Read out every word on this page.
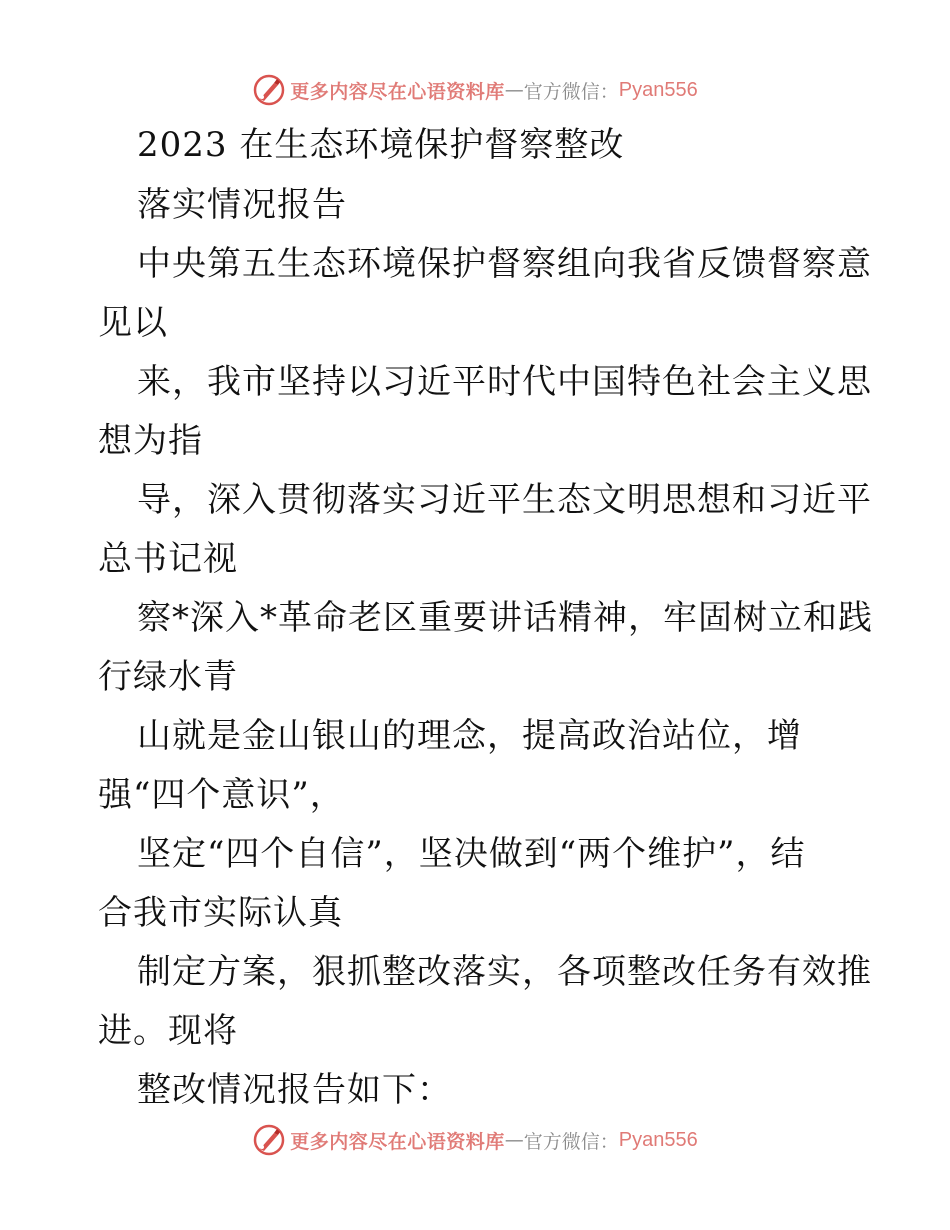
更多内容尽在心语资料库 — 官方微信： Pyan556
2023 在生态环境保护督察整改
落实情况报告
中央第五生态环境保护督察组向我省反馈督察意
见以
来，我市坚持以习近平时代中国特色社会主义思
想为指
导，深入贯彻落实习近平生态文明思想和习近平
总书记视
察*深入*革命老区重要讲话精神，牢固树立和践
行绿水青
山就是金山银山的理念，提高政治站位，增
强“四个意识”，
坚定“四个自信”，坚决做到“两个维护”，结
合我市实际认真
制定方案，狠抓整改落实，各项整改任务有效推
进。现将
整改情况报告如下：
更多内容尽在心语资料库 — 官方微信： Pyan556
